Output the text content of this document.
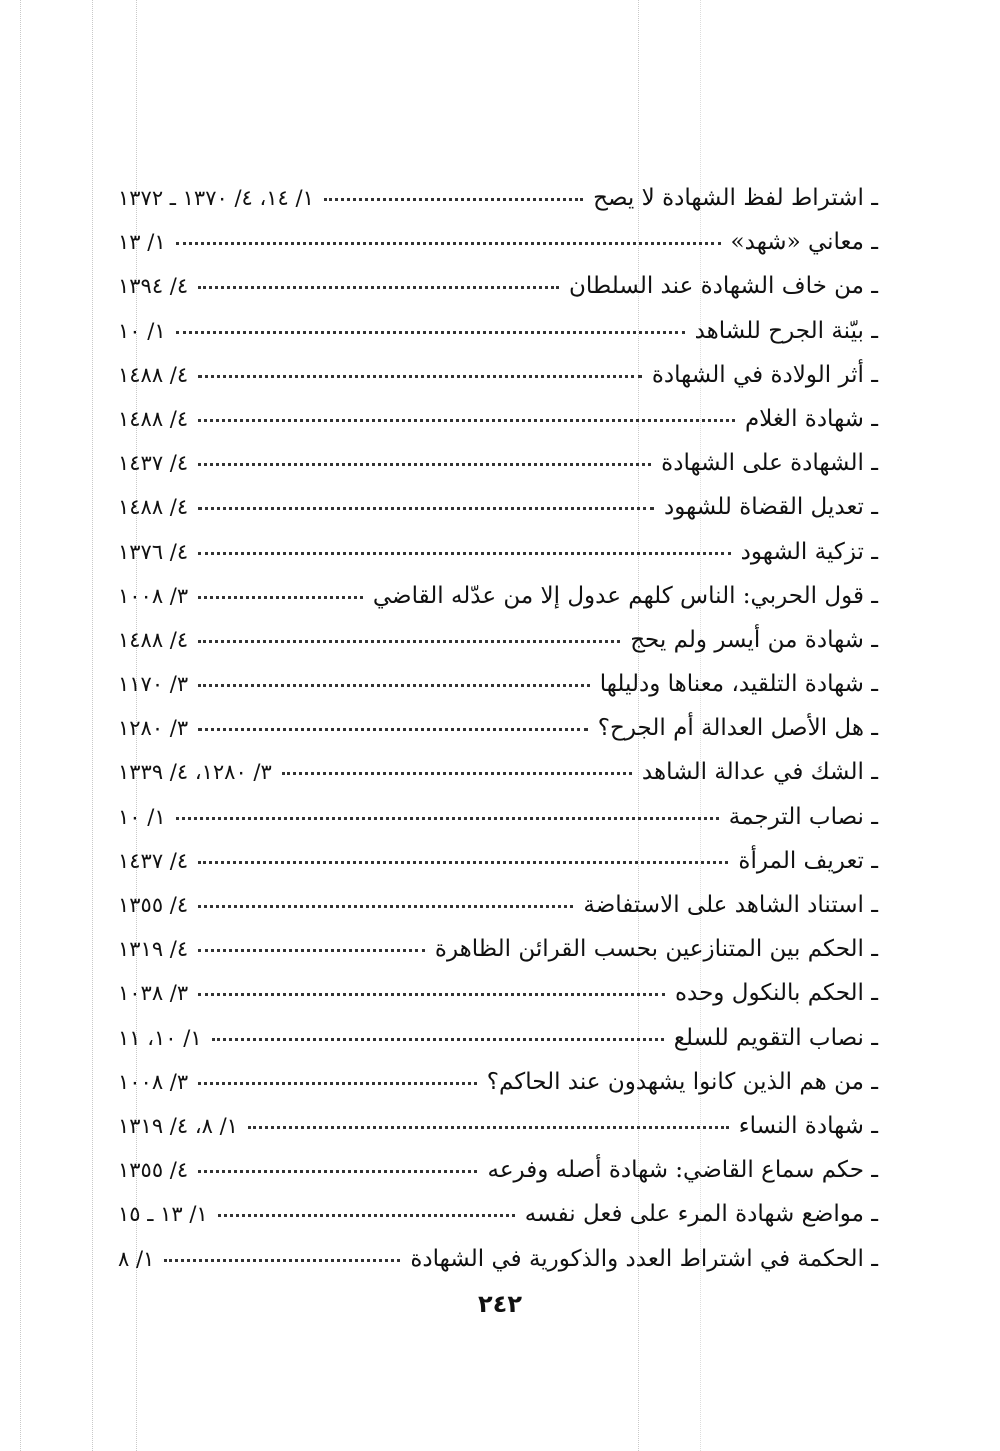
ـ اشتراط لفظ الشهادة لا يصح
١/ ١٤، ٤/ ١٣٧٠ ـ ١٣٧٢
ـ معاني «شهد»
١/ ١٣
ـ من خاف الشهادة عند السلطان
٤/ ١٣٩٤
ـ بيّنة الجرح للشاهد
١/ ١٠
ـ أثر الولادة في الشهادة
٤/ ١٤٨٨
ـ شهادة الغلام
٤/ ١٤٨٨
ـ الشهادة على الشهادة
٤/ ١٤٣٧
ـ تعديل القضاة للشهود
٤/ ١٤٨٨
ـ تزكية الشهود
٤/ ١٣٧٦
ـ قول الحربي: الناس كلهم عدول إلا من عدّله القاضي
٣/ ١٠٠٨
ـ شهادة من أيسر ولم يحج
٤/ ١٤٨٨
ـ شهادة التلقيد، معناها ودليلها
٣/ ١١٧٠
ـ هل الأصل العدالة أم الجرح؟
٣/ ١٢٨٠
ـ الشك في عدالة الشاهد
٣/ ١٢٨٠، ٤/ ١٣٣٩
ـ نصاب الترجمة
١/ ١٠
ـ تعريف المرأة
٤/ ١٤٣٧
ـ استناد الشاهد على الاستفاضة
٤/ ١٣٥٥
ـ الحكم بين المتنازعين بحسب القرائن الظاهرة
٤/ ١٣١٩
ـ الحكم بالنكول وحده
٣/ ١٠٣٨
ـ نصاب التقويم للسلع
١/ ١٠، ١١
ـ من هم الذين كانوا يشهدون عند الحاكم؟
٣/ ١٠٠٨
ـ شهادة النساء
١/ ٨، ٤/ ١٣١٩
ـ حكم سماع القاضي: شهادة أصله وفرعه
٤/ ١٣٥٥
ـ مواضع شهادة المرء على فعل نفسه
١/ ١٣ ـ ١٥
ـ الحكمة في اشتراط العدد والذكورية في الشهادة
١/ ٨
٢٤٢
